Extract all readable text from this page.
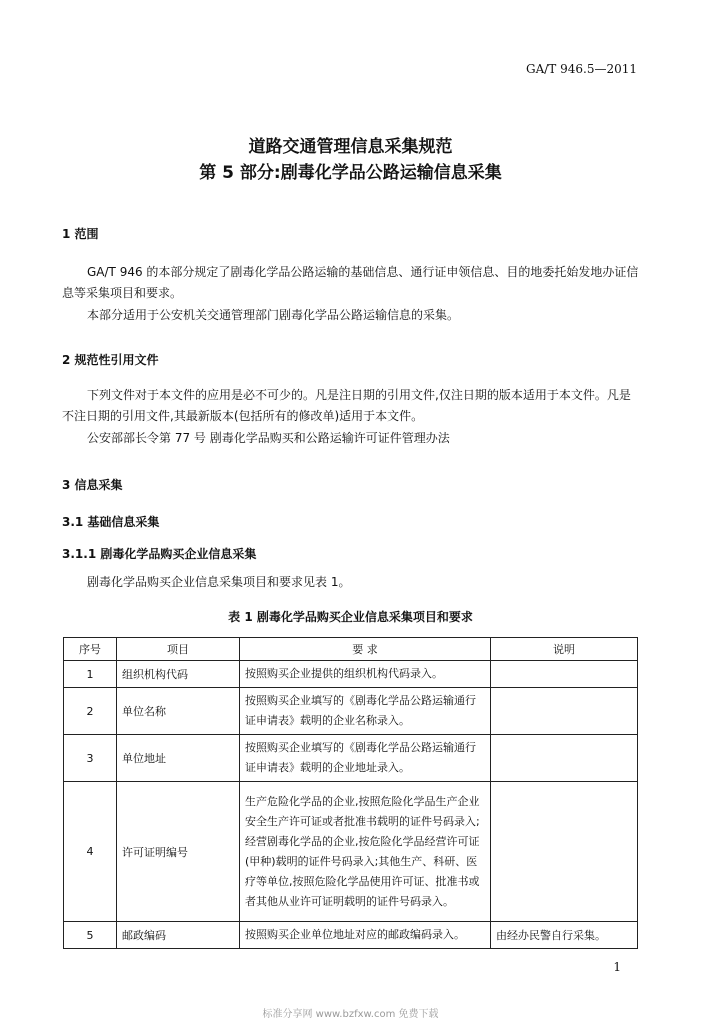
GA/T 946.5—2011
道路交通管理信息采集规范
第 5 部分:剧毒化学品公路运输信息采集
1 范围
GA/T 946 的本部分规定了剧毒化学品公路运输的基础信息、通行证申领信息、目的地委托始发地办证信息等采集项目和要求。
本部分适用于公安机关交通管理部门剧毒化学品公路运输信息的采集。
2 规范性引用文件
下列文件对于本文件的应用是必不可少的。凡是注日期的引用文件,仅注日期的版本适用于本文件。凡是不注日期的引用文件,其最新版本(包括所有的修改单)适用于本文件。
公安部部长令第 77 号 剧毒化学品购买和公路运输许可证件管理办法
3 信息采集
3.1 基础信息采集
3.1.1 剧毒化学品购买企业信息采集
剧毒化学品购买企业信息采集项目和要求见表 1。
表 1 剧毒化学品购买企业信息采集项目和要求
序号	项目	要 求	说明
1	组织机构代码	按照购买企业提供的组织机构代码录入。	
2	单位名称	按照购买企业填写的《剧毒化学品公路运输通行证申请表》载明的企业名称录入。	
3	单位地址	按照购买企业填写的《剧毒化学品公路运输通行证申请表》载明的企业地址录入。	
4	许可证明编号	生产危险化学品的企业,按照危险化学品生产企业安全生产许可证或者批准书载明的证件号码录入;经营剧毒化学品的企业,按危险化学品经营许可证(甲种)载明的证件号码录入;其他生产、科研、医疗等单位,按照危险化学品使用许可证、批准书或者其他从业许可证明载明的证件号码录入。	
5	邮政编码	按照购买企业单位地址对应的邮政编码录入。	由经办民警自行采集。
1
标准分享网 www.bzfxw.com 免费下载
